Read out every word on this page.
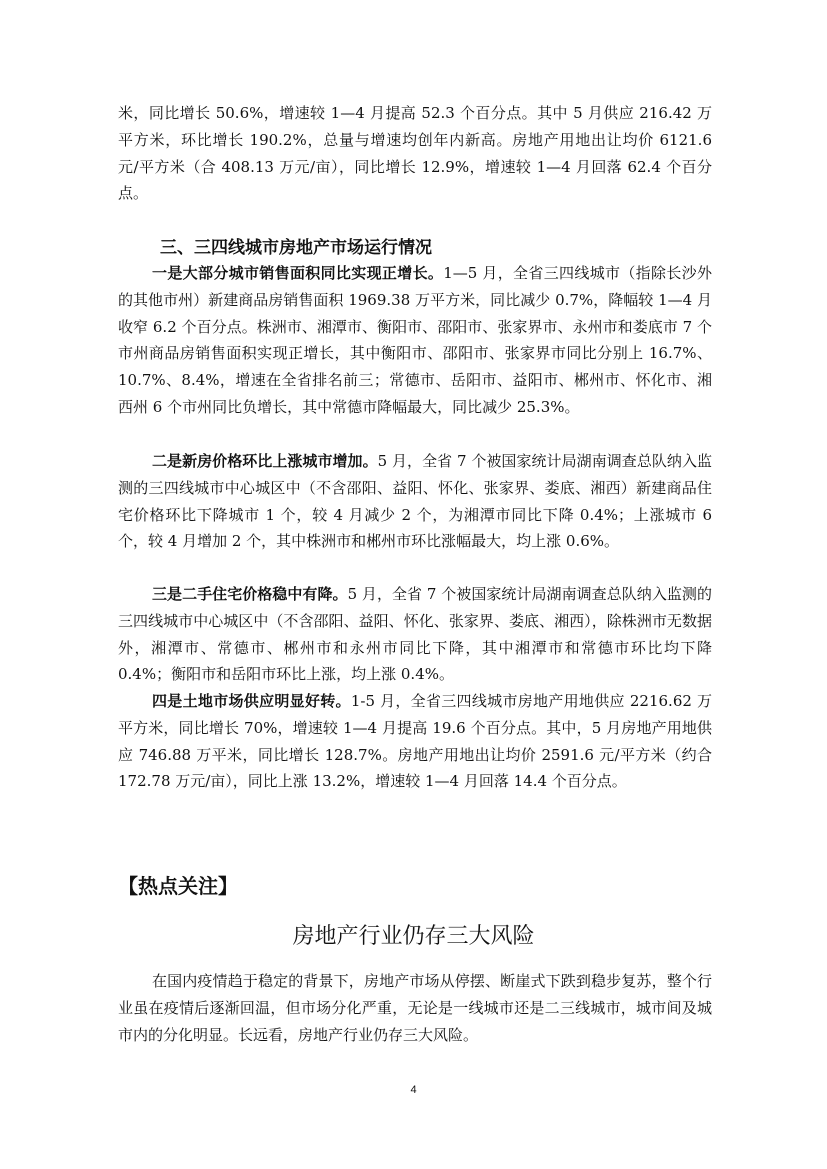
米，同比增长 50.6%，增速较 1—4 月提高 52.3 个百分点。其中 5 月供应 216.42 万平方米，环比增长 190.2%，总量与增速均创年内新高。房地产用地出让均价 6121.6 元/平方米（合 408.13 万元/亩），同比增长 12.9%，增速较 1—4 月回落 62.4 个百分点。

三、三四线城市房地产市场运行情况

一是大部分城市销售面积同比实现正增长。1—5 月，全省三四线城市（指除长沙外的其他市州）新建商品房销售面积 1969.38 万平方米，同比减少 0.7%，降幅较 1—4 月收窄 6.2 个百分点。株洲市、湘潭市、衡阳市、邵阳市、张家界市、永州市和娄底市 7 个市州商品房销售面积实现正增长，其中衡阳市、邵阳市、张家界市同比分别上 16.7%、10.7%、8.4%，增速在全省排名前三；常德市、岳阳市、益阳市、郴州市、怀化市、湘西州 6 个市州同比负增长，其中常德市降幅最大，同比减少 25.3%。

二是新房价格环比上涨城市增加。5 月，全省 7 个被国家统计局湖南调查总队纳入监测的三四线城市中心城区中（不含邵阳、益阳、怀化、张家界、娄底、湘西）新建商品住宅价格环比下降城市 1 个，较 4 月减少 2 个，为湘潭市同比下降 0.4%；上涨城市 6 个，较 4 月增加 2 个，其中株洲市和郴州市环比涨幅最大，均上涨 0.6%。

三是二手住宅价格稳中有降。5 月，全省 7 个被国家统计局湖南调查总队纳入监测的三四线城市中心城区中（不含邵阳、益阳、怀化、张家界、娄底、湘西），除株洲市无数据外，湘潭市、常德市、郴州市和永州市同比下降，其中湘潭市和常德市环比均下降 0.4%；衡阳市和岳阳市环比上涨，均上涨 0.4%。

四是土地市场供应明显好转。1-5 月，全省三四线城市房地产用地供应 2216.62 万平方米，同比增长 70%，增速较 1—4 月提高 19.6 个百分点。其中，5 月房地产用地供应 746.88 万平米，同比增长 128.7%。房地产用地出让均价 2591.6 元/平方米（约合 172.78 万元/亩），同比上涨 13.2%，增速较 1—4 月回落 14.4 个百分点。

【热点关注】
房地产行业仍存三大风险

在国内疫情趋于稳定的背景下，房地产市场从停摆、断崖式下跌到稳步复苏，整个行业虽在疫情后逐渐回温，但市场分化严重，无论是一线城市还是二三线城市，城市间及城市内的分化明显。长远看，房地产行业仍存三大风险。

4
